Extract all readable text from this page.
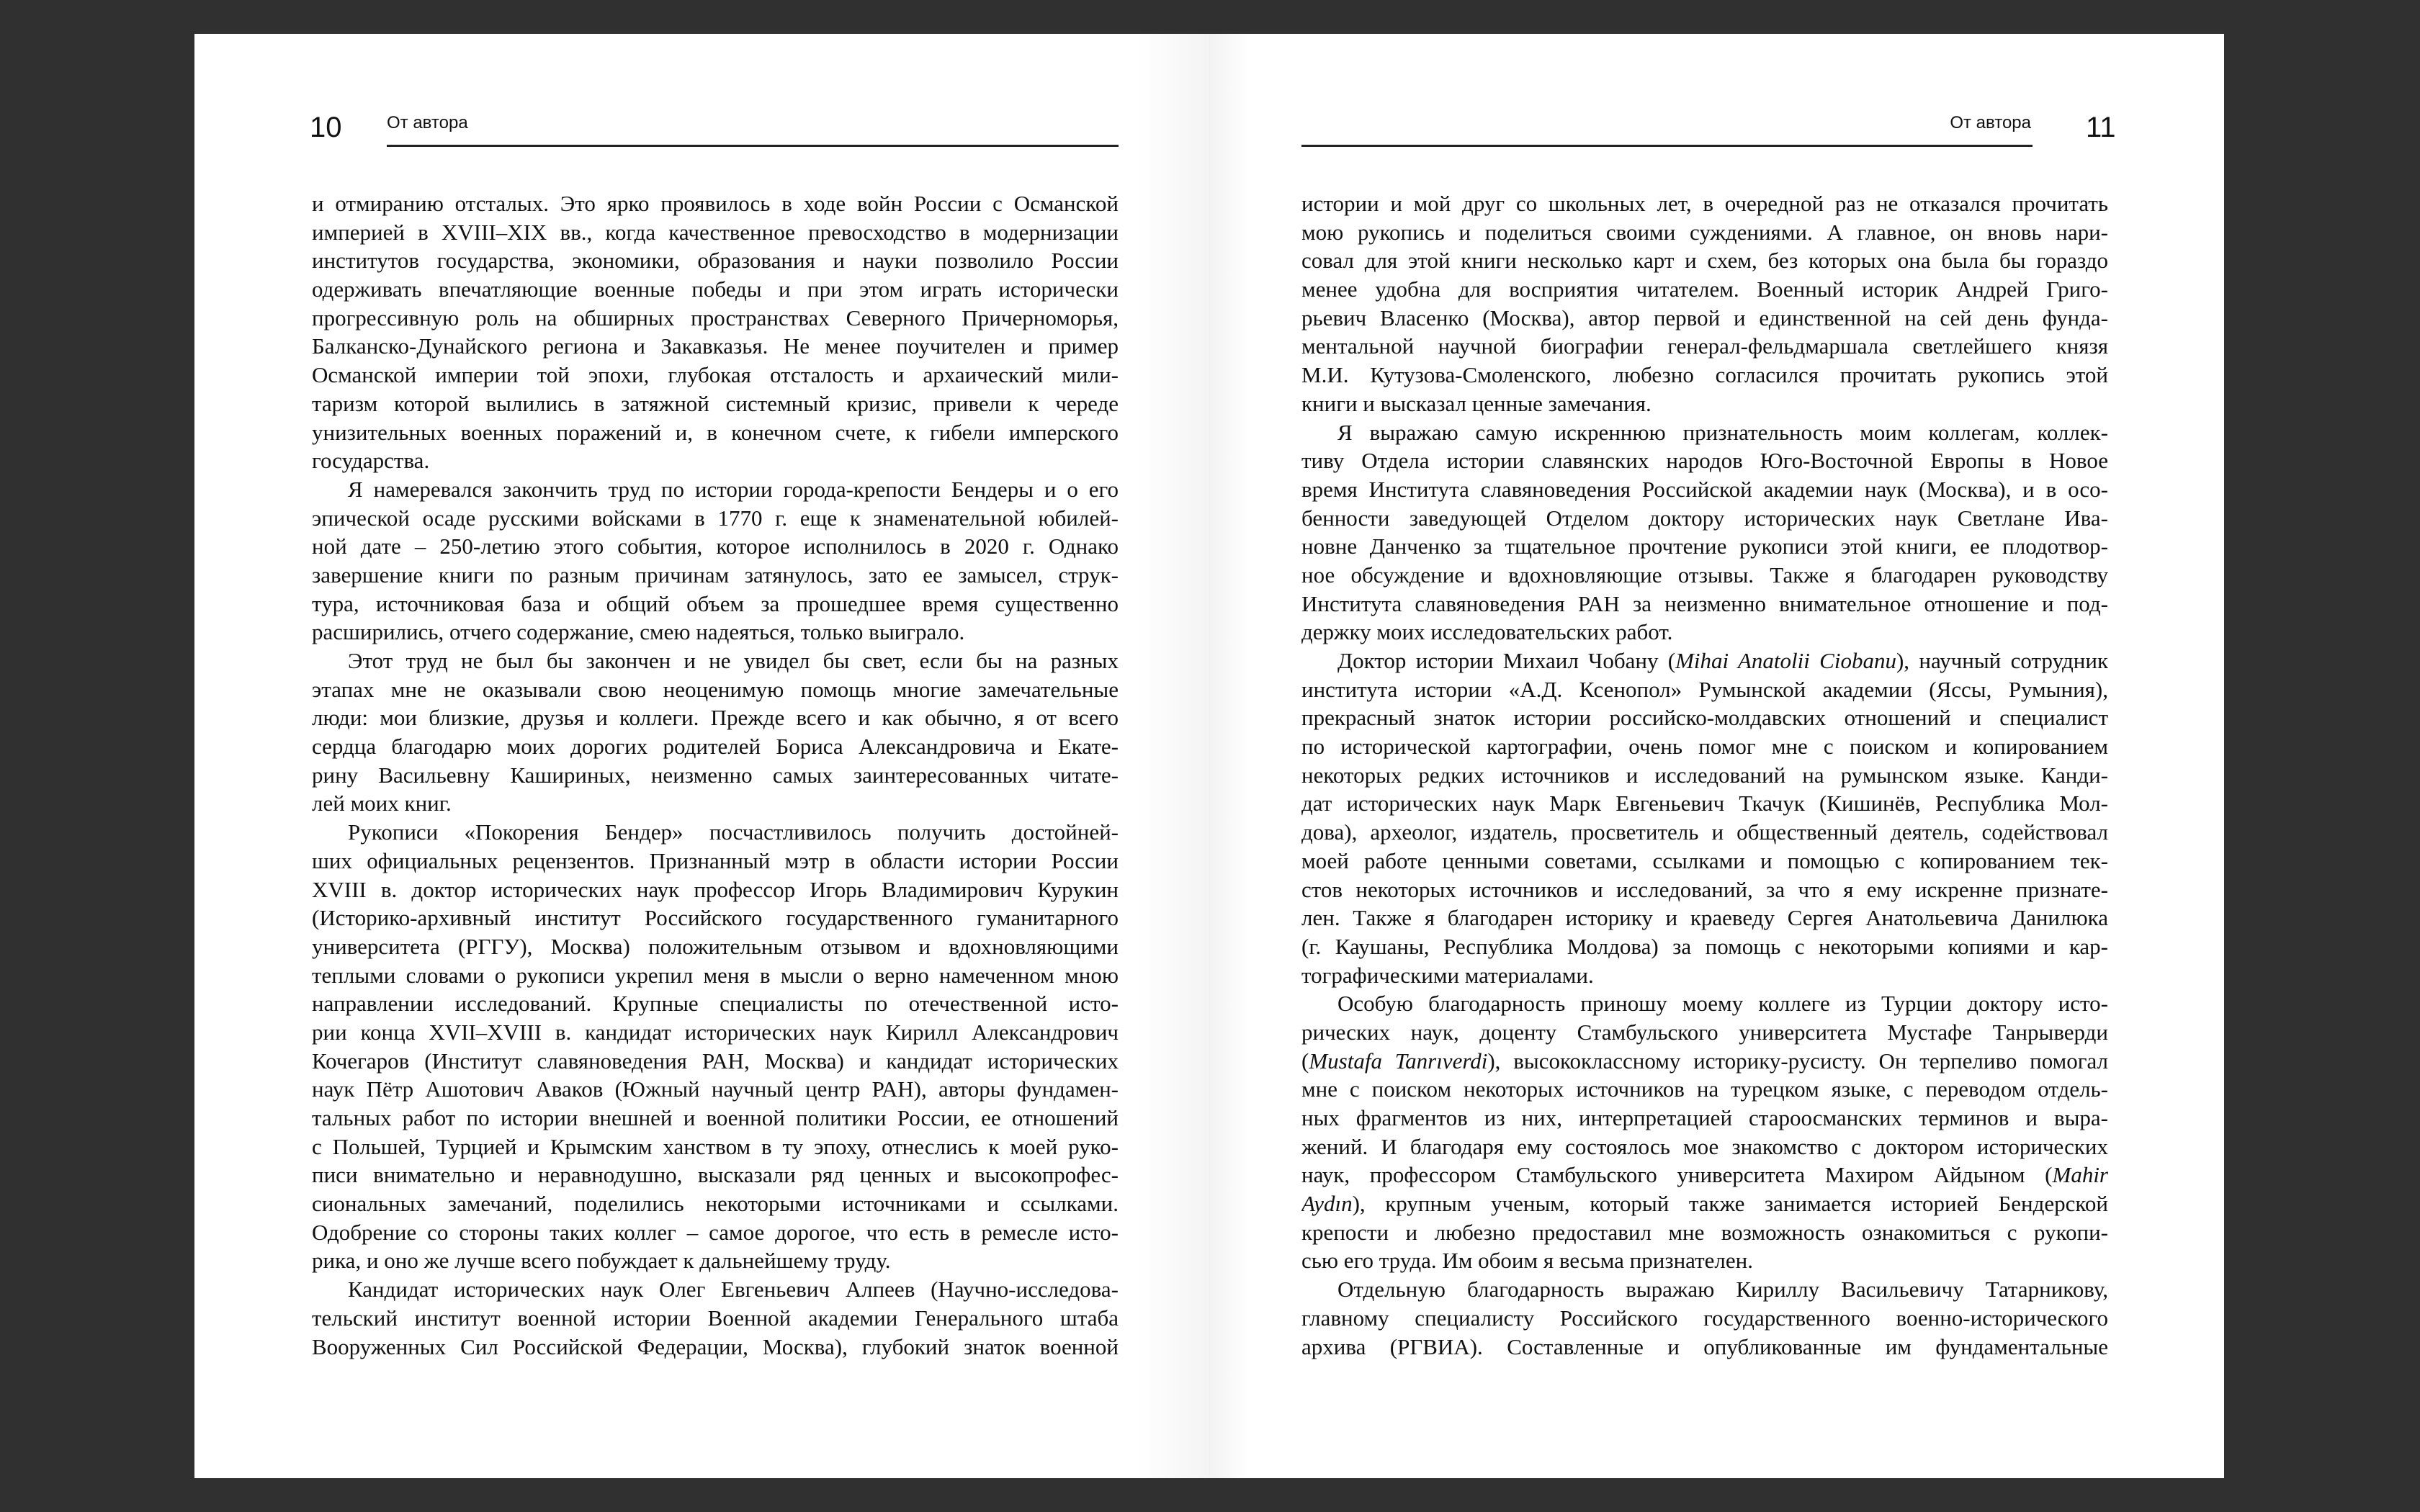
10	От автора
и отмиранию отсталых. Это ярко проявилось в ходе войн России с Османской
империей в XVIII–XIX вв., когда качественное превосходство в модернизации
институтов государства, экономики, образования и науки позволило России
одерживать впечатляющие военные победы и при этом играть исторически
прогрессивную роль на обширных пространствах Северного Причерноморья,
Балканско-Дунайского региона и Закавказья. Не менее поучителен и пример
Османской империи той эпохи, глубокая отсталость и архаический мили-
таризм которой вылились в затяжной системный кризис, привели к череде
унизительных военных поражений и, в конечном счете, к гибели имперского
государства.
Я намеревался закончить труд по истории города-крепости Бендеры и о его
эпической осаде русскими войсками в 1770 г. еще к знаменательной юбилей-
ной дате – 250-летию этого события, которое исполнилось в 2020 г. Однако
завершение книги по разным причинам затянулось, зато ее замысел, струк-
тура, источниковая база и общий объем за прошедшее время существенно
расширились, отчего содержание, смею надеяться, только выиграло.
Этот труд не был бы закончен и не увидел бы свет, если бы на разных
этапах мне не оказывали свою неоценимую помощь многие замечательные
люди: мои близкие, друзья и коллеги. Прежде всего и как обычно, я от всего
сердца благодарю моих дорогих родителей Бориса Александровича и Екате-
рину Васильевну Кашириных, неизменно самых заинтересованных читате-
лей моих книг.
Рукописи «Покорения Бендер» посчастливилось получить достойней-
ших официальных рецензентов. Признанный мэтр в области истории России
XVIII в. доктор исторических наук профессор Игорь Владимирович Курукин
(Историко-архивный институт Российского государственного гуманитарного
университета (РГГУ), Москва) положительным отзывом и вдохновляющими
теплыми словами о рукописи укрепил меня в мысли о верно намеченном мною
направлении исследований. Крупные специалисты по отечественной исто-
рии конца XVII–XVIII в. кандидат исторических наук Кирилл Александрович
Кочегаров (Институт славяноведения РАН, Москва) и кандидат исторических
наук Пётр Ашотович Аваков (Южный научный центр РАН), авторы фундамен-
тальных работ по истории внешней и военной политики России, ее отношений
с Польшей, Турцией и Крымским ханством в ту эпоху, отнеслись к моей руко-
писи внимательно и неравнодушно, высказали ряд ценных и высокопрофес-
сиональных замечаний, поделились некоторыми источниками и ссылками.
Одобрение со стороны таких коллег – самое дорогое, что есть в ремесле исто-
рика, и оно же лучше всего побуждает к дальнейшему труду.
Кандидат исторических наук Олег Евгеньевич Алпеев (Научно-исследова-
тельский институт военной истории Военной академии Генерального штаба
Вооруженных Сил Российской Федерации, Москва), глубокий знаток военной
От автора 11
истории и мой друг со школьных лет, в очередной раз не отказался прочитать
мою рукопись и поделиться своими суждениями. А главное, он вновь нари-
совал для этой книги несколько карт и схем, без которых она была бы гораздо
менее удобна для восприятия читателем. Военный историк Андрей Григо-
рьевич Власенко (Москва), автор первой и единственной на сей день фунда-
ментальной научной биографии генерал-фельдмаршала светлейшего князя
М.И. Кутузова-Смоленского, любезно согласился прочитать рукопись этой
книги и высказал ценные замечания.
Я выражаю самую искреннюю признательность моим коллегам, коллек-
тиву Отдела истории славянских народов Юго-Восточной Европы в Новое
время Института славяноведения Российской академии наук (Москва), и в осо-
бенности заведующей Отделом доктору исторических наук Светлане Ива-
новне Данченко за тщательное прочтение рукописи этой книги, ее плодотвор-
ное обсуждение и вдохновляющие отзывы. Также я благодарен руководству
Института славяноведения РАН за неизменно внимательное отношение и под-
держку моих исследовательских работ.
Доктор истории Михаил Чобану (Mihai Anatolii Ciobanu), научный сотрудник
института истории «А.Д. Ксенопол» Румынской академии (Яссы, Румыния),
прекрасный знаток истории российско-молдавских отношений и специалист
по исторической картографии, очень помог мне с поиском и копированием
некоторых редких источников и исследований на румынском языке. Канди-
дат исторических наук Марк Евгеньевич Ткачук (Кишинёв, Республика Мол-
дова), археолог, издатель, просветитель и общественный деятель, содействовал
моей работе ценными советами, ссылками и помощью с копированием тек-
стов некоторых источников и исследований, за что я ему искренне признате-
лен. Также я благодарен историку и краеведу Сергея Анатольевича Данилюка
(г. Каушаны, Республика Молдова) за помощь с некоторыми копиями и кар-
тографическими материалами.
Особую благодарность приношу моему коллеге из Турции доктору исто-
рических наук, доценту Стамбульского университета Мустафе Танрыверди
(Mustafa Tanrıverdi), высококлассному историку-русисту. Он терпеливо помогал
мне с поиском некоторых источников на турецком языке, с переводом отдель-
ных фрагментов из них, интерпретацией староосманских терминов и выра-
жений. И благодаря ему состоялось мое знакомство с доктором исторических
наук, профессором Стамбульского университета Махиром Айдыном (Mahir
Aydın), крупным ученым, который также занимается историей Бендерской
крепости и любезно предоставил мне возможность ознакомиться с рукопи-
сью его труда. Им обоим я весьма признателен.
Отдельную благодарность выражаю Кириллу Васильевичу Татарникову,
главному специалисту Российского государственного военно-исторического
архива (РГВИА). Составленные и опубликованные им фундаментальные
